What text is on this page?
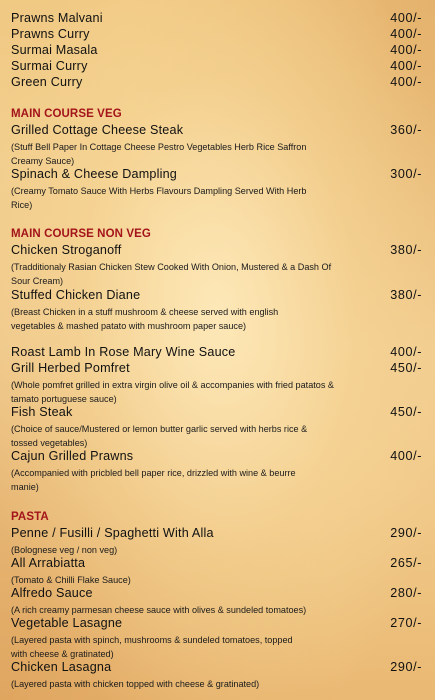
Prawns Malvani	400/-
Prawns Curry	400/-
Surmai Masala	400/-
Surmai Curry	400/-
Green Curry	400/-
MAIN COURSE VEG
Grilled Cottage Cheese Steak	360/-
(Stuff Bell Paper In Cottage Cheese Pestro Vegetables Herb Rice Saffron Creamy Sauce)
Spinach & Cheese Dampling	300/-
(Creamy Tomato Sauce With Herbs Flavours Dampling Served With Herb Rice)
MAIN COURSE NON VEG
Chicken Stroganoff	380/-
(Tradditionaly Rasian Chicken Stew Cooked With Onion, Mustered & a Dash Of Sour Cream)
Stuffed Chicken Diane	380/-
(Breast Chicken in a stuff mushroom & cheese served with english vegetables & mashed patato with mushroom paper sauce)
Roast Lamb In Rose Mary Wine Sauce	400/-
Grill Herbed Pomfret	450/-
(Whole pomfret grilled in extra virgin olive oil & accompanies with fried patatos & tamato portuguese sauce)
Fish Steak	450/-
(Choice of sauce/Mustered or lemon butter garlic served with herbs rice & tossed vegetables)
Cajun Grilled Prawns	400/-
(Accompanied with pricbled bell paper rice, drizzled with wine & beurre manie)
PASTA
Penne / Fusilli / Spaghetti With Alla	290/-
(Bolognese veg / non veg)
All Arrabiatta	265/-
(Tomato & Chilli Flake Sauce)
Alfredo Sauce	280/-
(A rich creamy parmesan cheese sauce with olives & sundeled tomatoes)
Vegetable Lasagne	270/-
(Layered pasta with spinch, mushrooms & sundeled tomatoes, topped with cheese & gratinated)
Chicken Lasagna	290/-
(Layered pasta with chicken topped with cheese & gratinated)
